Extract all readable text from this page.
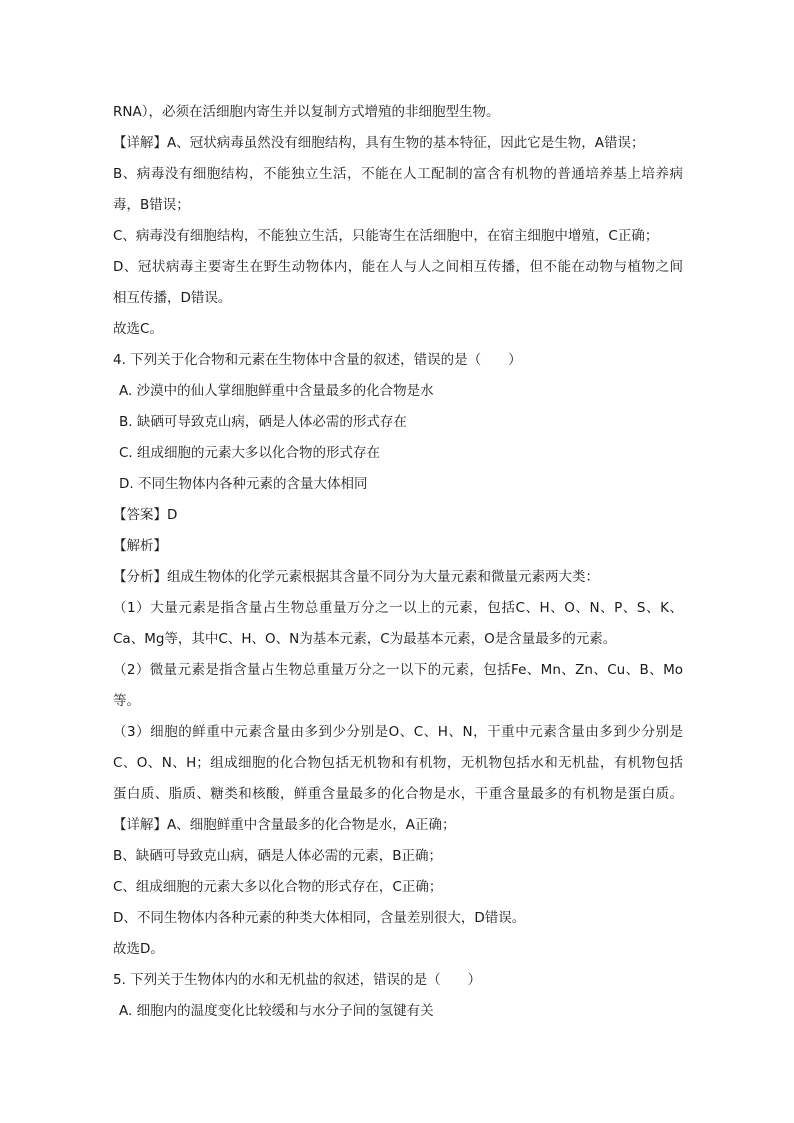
RNA），必须在活细胞内寄生并以复制方式增殖的非细胞型生物。
【详解】A、冠状病毒虽然没有细胞结构，具有生物的基本特征，因此它是生物，A错误；
B、病毒没有细胞结构，不能独立生活，不能在人工配制的富含有机物的普通培养基上培养病
毒，B错误；
C、病毒没有细胞结构，不能独立生活，只能寄生在活细胞中，在宿主细胞中增殖，C正确；
D、冠状病毒主要寄生在野生动物体内，能在人与人之间相互传播，但不能在动物与植物之间
相互传播，D错误。
故选C。
4. 下列关于化合物和元素在生物体中含量的叙述，错误的是（　　）
A. 沙漠中的仙人掌细胞鲜重中含量最多的化合物是水
B. 缺硒可导致克山病，硒是人体必需的形式存在
C. 组成细胞的元素大多以化合物的形式存在
D. 不同生物体内各种元素的含量大体相同
【答案】D
【解析】
【分析】组成生物体的化学元素根据其含量不同分为大量元素和微量元素两大类：
（1）大量元素是指含量占生物总重量万分之一以上的元素，包括C、H、O、N、P、S、K、
Ca、Mg等，其中C、H、O、N为基本元素，C为最基本元素，O是含量最多的元素。
（2）微量元素是指含量占生物总重量万分之一以下的元素，包括Fe、Mn、Zn、Cu、B、Mo
等。
（3）细胞的鲜重中元素含量由多到少分别是O、C、H、N，干重中元素含量由多到少分别是
C、O、N、H；组成细胞的化合物包括无机物和有机物，无机物包括水和无机盐，有机物包括
蛋白质、脂质、糖类和核酸，鲜重含量最多的化合物是水，干重含量最多的有机物是蛋白质。
【详解】A、细胞鲜重中含量最多的化合物是水，A正确；
B、缺硒可导致克山病，硒是人体必需的元素，B正确；
C、组成细胞的元素大多以化合物的形式存在，C正确；
D、不同生物体内各种元素的种类大体相同，含量差别很大，D错误。
故选D。
5. 下列关于生物体内的水和无机盐的叙述，错误的是（　　）
A. 细胞内的温度变化比较缓和与水分子间的氢键有关
